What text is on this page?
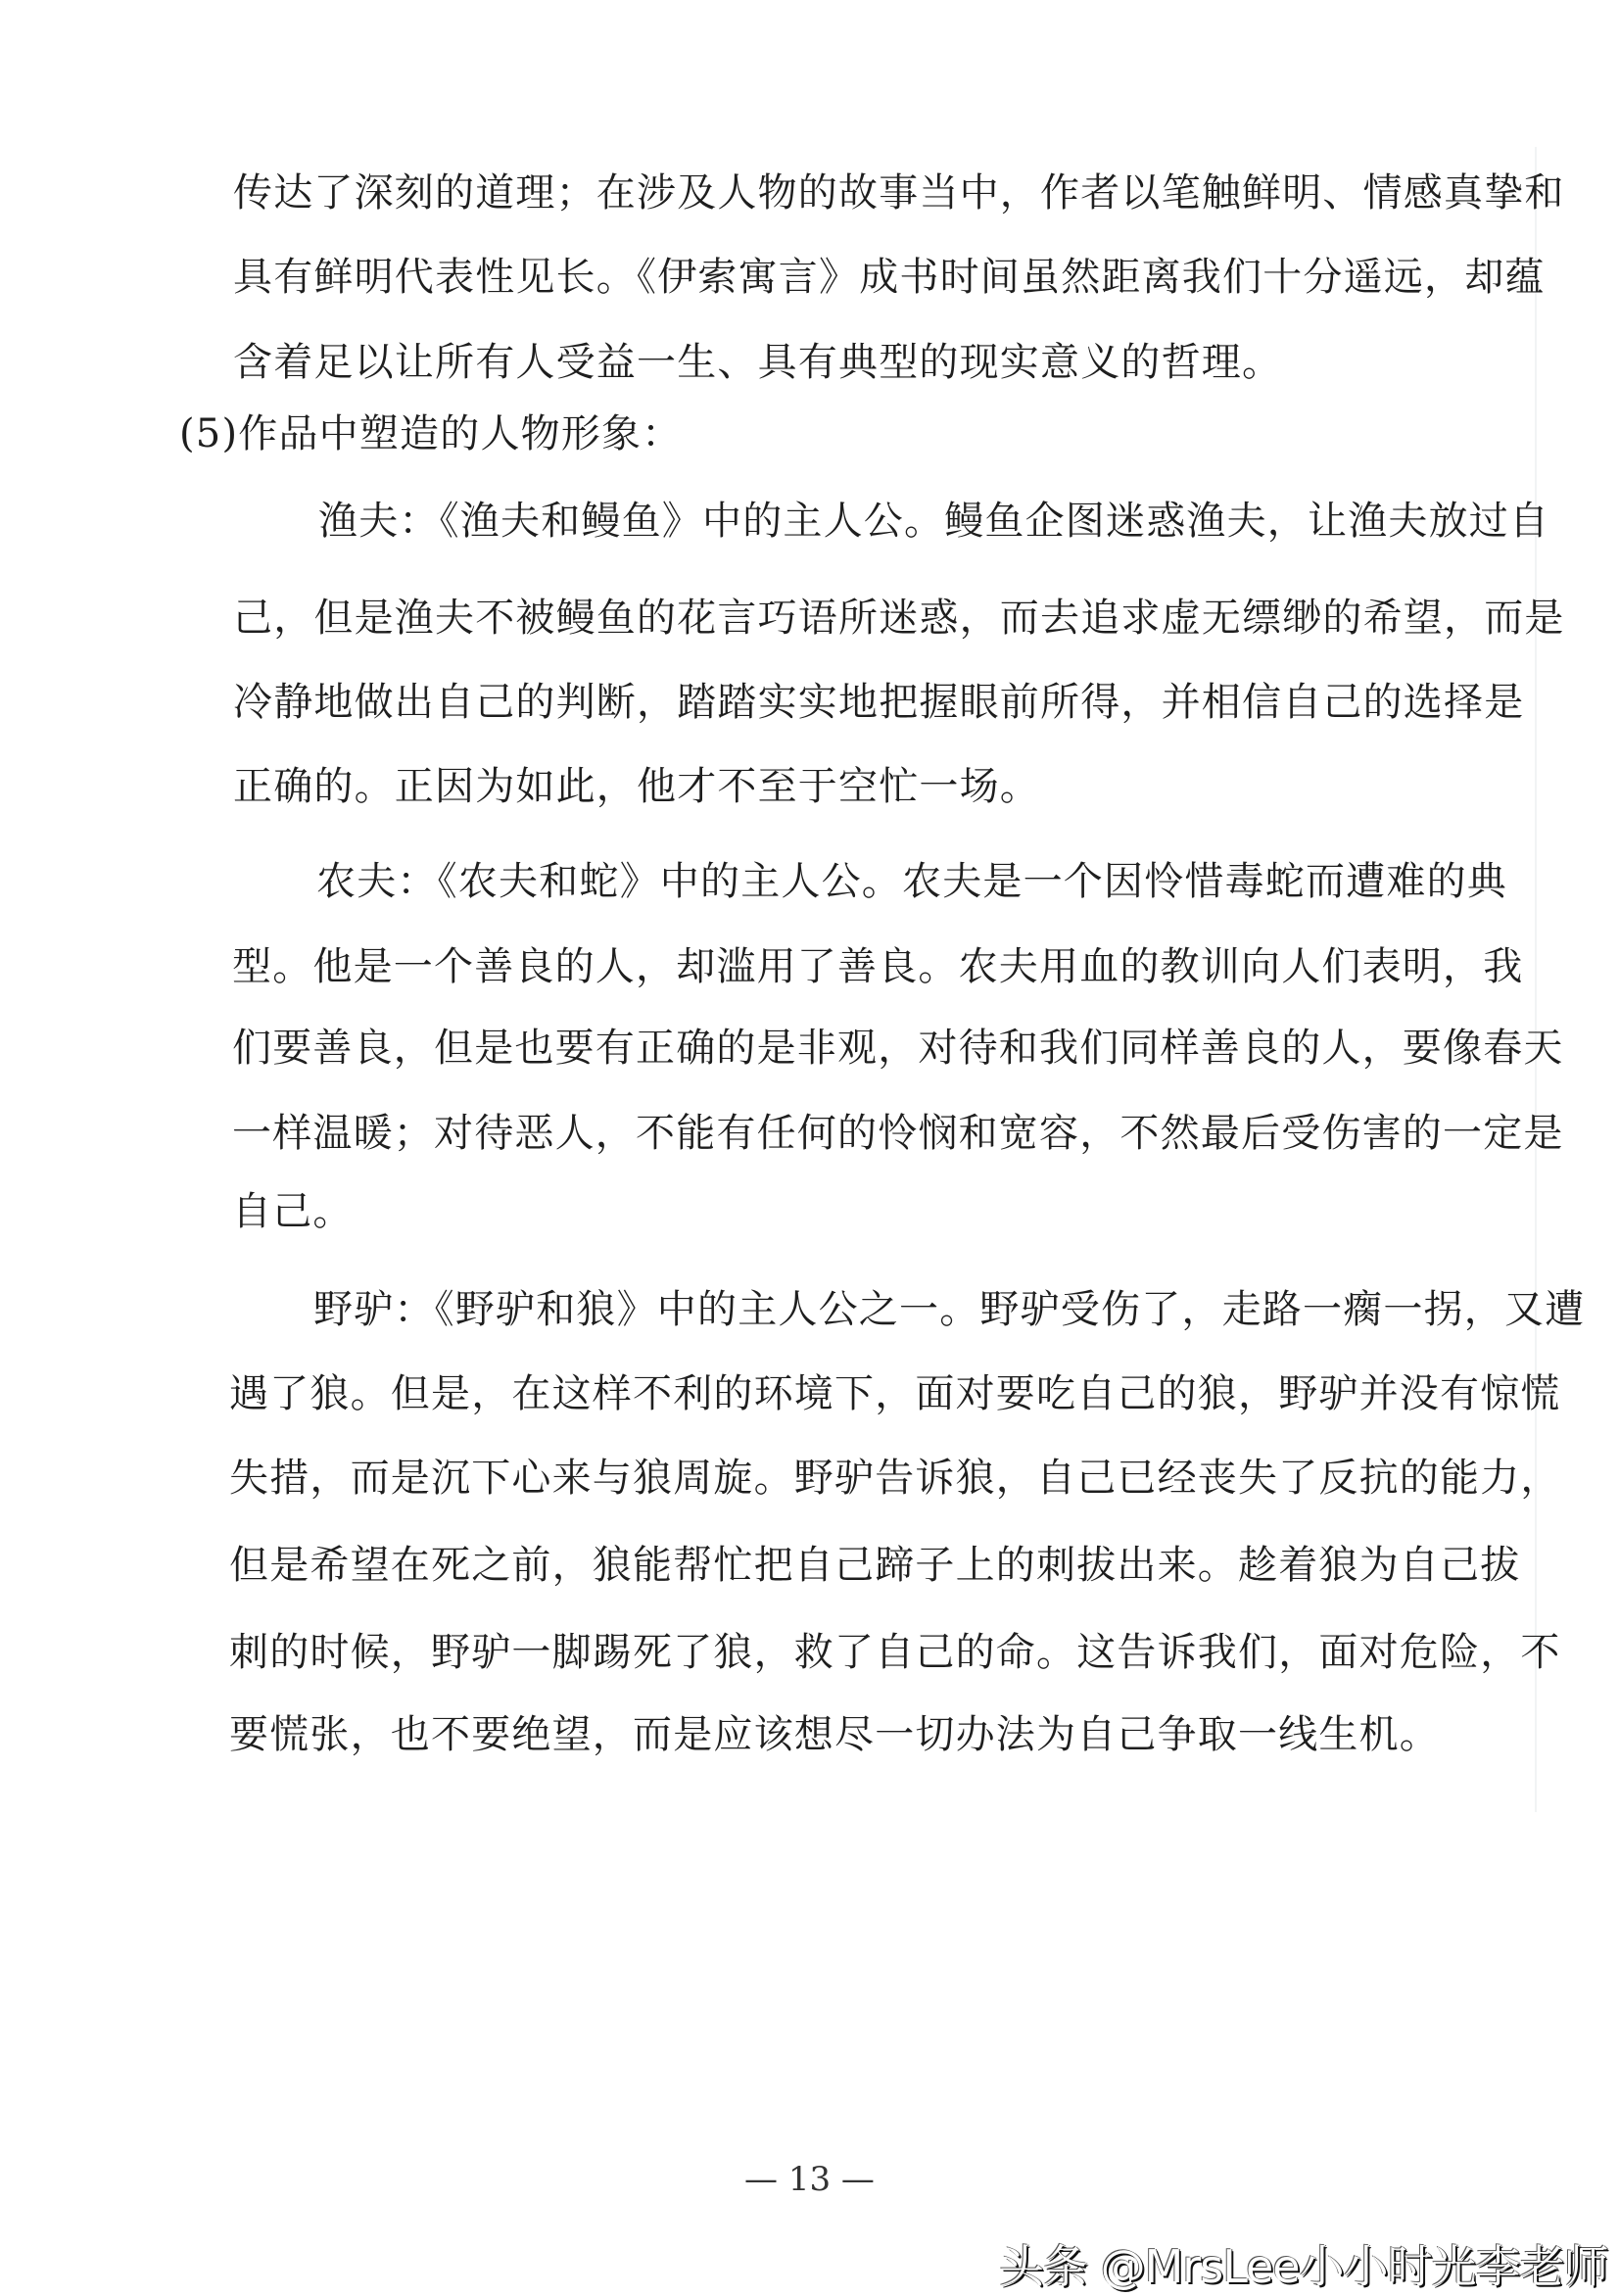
传达了深刻的道理；在涉及人物的故事当中，作者以笔触鲜明、情感真挚和
具有鲜明代表性见长。《伊索寓言》成书时间虽然距离我们十分遥远，却蕴
含着足以让所有人受益一生、具有典型的现实意义的哲理。
(5)作品中塑造的人物形象：
渔夫：《渔夫和鳗鱼》中的主人公。鳗鱼企图迷惑渔夫，让渔夫放过自
己，但是渔夫不被鳗鱼的花言巧语所迷惑，而去追求虚无缥缈的希望，而是
冷静地做出自己的判断，踏踏实实地把握眼前所得，并相信自己的选择是
正确的。正因为如此，他才不至于空忙一场。
农夫：《农夫和蛇》中的主人公。农夫是一个因怜惜毒蛇而遭难的典
型。他是一个善良的人，却滥用了善良。农夫用血的教训向人们表明，我
们要善良，但是也要有正确的是非观，对待和我们同样善良的人，要像春天
一样温暖；对待恶人，不能有任何的怜悯和宽容，不然最后受伤害的一定是
自己。
野驴：《野驴和狼》中的主人公之一。野驴受伤了，走路一瘸一拐，又遭
遇了狼。但是，在这样不利的环境下，面对要吃自己的狼，野驴并没有惊慌
失措，而是沉下心来与狼周旋。野驴告诉狼，自己已经丧失了反抗的能力，
但是希望在死之前，狼能帮忙把自己蹄子上的刺拔出来。趁着狼为自己拔
刺的时候，野驴一脚踢死了狼，救了自己的命。这告诉我们，面对危险，不
要慌张，也不要绝望，而是应该想尽一切办法为自己争取一线生机。
— 13 —
头条 @MrsLee小小时光李老师
